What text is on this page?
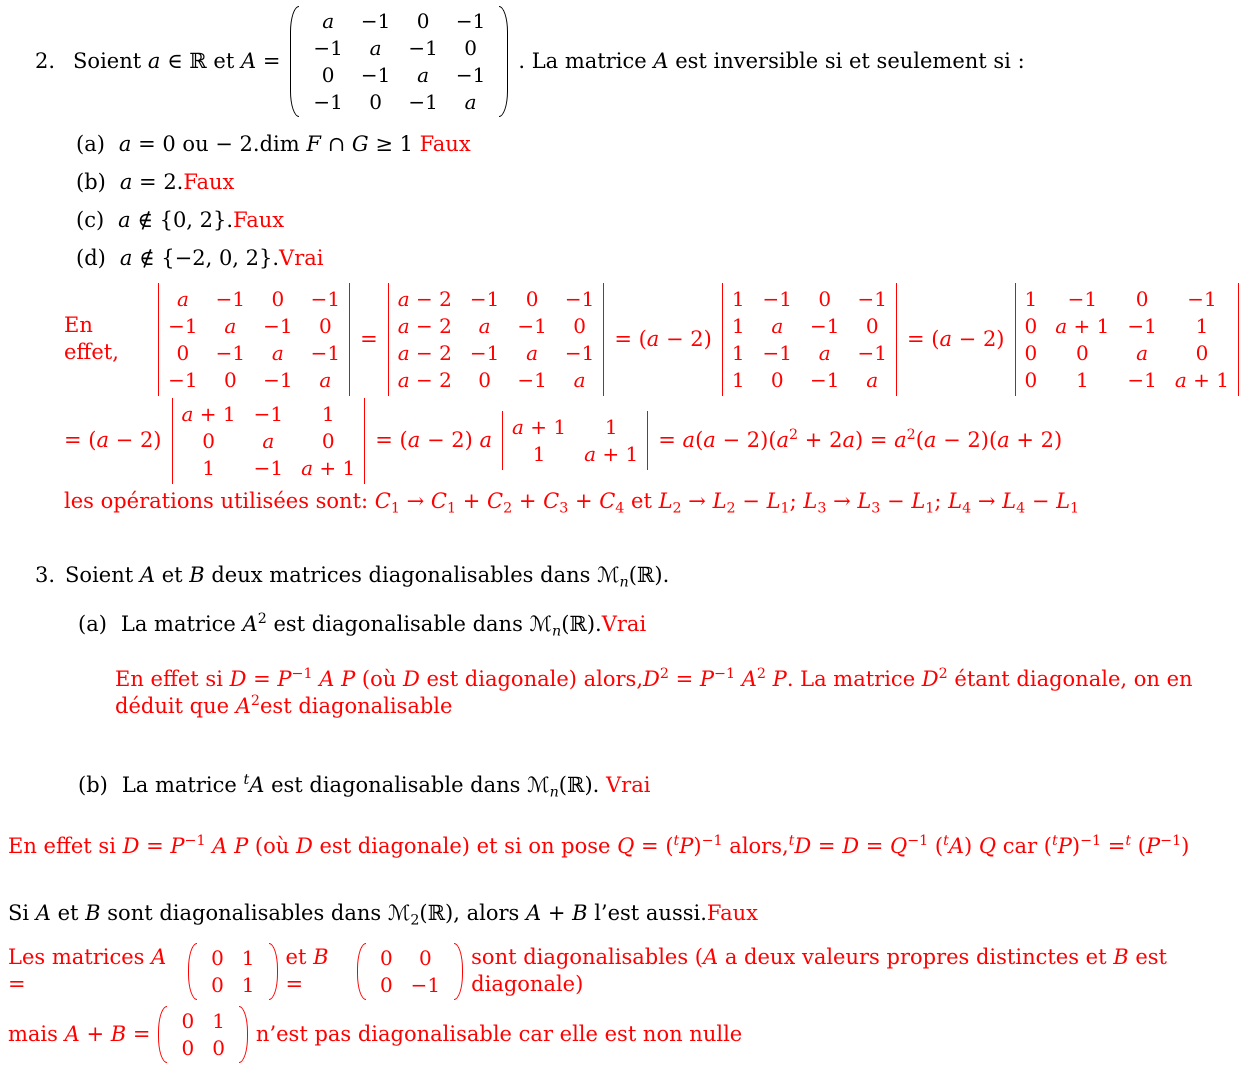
2. Soient a ∈ ℝ et A =
a −1 0 −1
−1 a −1 0
0 −1 a −1
−1 0 −1 a
. La matrice A est inversible si et seulement si :
(a) a = 0 ou − 2.dim F ∩ G ≥ 1 Faux
(b) a = 2.Faux
(c) a ∉ {0, 2}.Faux
(d) a ∉ {−2, 0, 2}.Vrai
En effet,
a −1 0 −1
−1 a −1 0
0 −1 a −1
−1 0 −1 a
=
a − 2 −1 0 −1
a − 2 a −1 0
a − 2 −1 a −1
a − 2 0 −1 a
= (a − 2)
1 −1 0 −1
1 a −1 0
1 −1 a −1
1 0 −1 a
= (a − 2)
1 −1 0 −1
0 a + 1 −1 1
0 0 a 0
0 1 −1 a + 1
= (a − 2)
a + 1 −1 1
0 a 0
1 −1 a + 1
= (a − 2) a
a + 1 1
1 a + 1
= $a(a - 2)(a^2 + 2a) = a^2(a - 2)(a + 2)$
les opérations utilisées sont: $C_1 \to C_1 + C_2 + C_3 + C_4$ et $L_2 \to L_2 - L_1$; $L_3 \to L_3 - L_1$; $L_4 \to L_4 - L_1$
3. Soient A et B deux matrices diagonalisables dans ℳ$_n$(ℝ).
(a) La matrice $A^2$ est diagonalisable dans ℳ$_n$(ℝ).Vrai
En effet si $D = P^{-1}$ A P (où D est diagonale) $alors,D^2 = P^{-1}$ $A^2$ P. La matrice $D^2$ étant diagonale, on en déduit que $A^2est$ diagonalisable
(b) La matrice $^t$A est diagonalisable dans ℳ$_n$(ℝ). Vrai
En effet si $D = P^{-1}$ A P (où D est diagonale) et si on pose $Q = (^tP)^{-1}$ alors,$^t$D = $D = Q^{-1}$ ($^t$A) Q car $(^tP)^{-1} =^t$ $(P^{-1})$
Si A et B sont diagonalisables dans ℳ$_2$(ℝ), alors A + B l’est aussi.Faux
Les matrices A =
0 1
0 1
et B =
0 0
0 −1
sont diagonalisables (A a deux valeurs propres distinctes et B est diagonale)
mais A + B =
0 1
0 0
n’est pas diagonalisable car elle est non nulle
